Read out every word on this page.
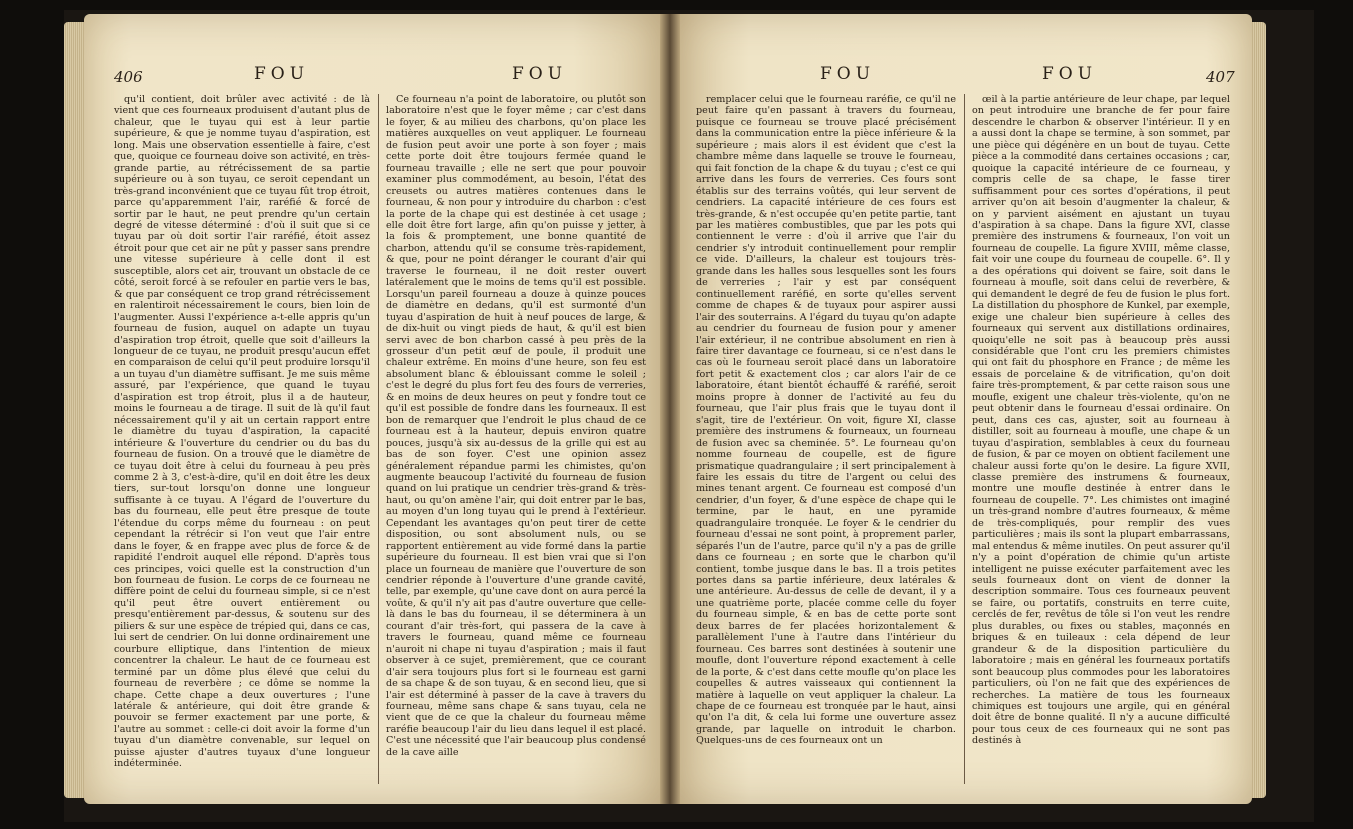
406	FOU	FOU

qu'il contient, doit brûler avec activité : de là vient que ces fourneaux produisent d'autant plus de chaleur, que le tuyau qui est à leur partie supérieure, & que je nomme tuyau d'aspiration, est long. Mais une observation essentielle à faire, c'est que, quoique ce fourneau doive son activité, en très-grande partie, au rétrécissement de sa partie supérieure ou à son tuyau, ce seroit cependant un très-grand inconvénient que ce tuyau fût trop étroit, parce qu'apparemment l'air, raréfié & forcé de sortir par le haut, ne peut prendre qu'un certain degré de vitesse déterminé : d'où il suit que si ce tuyau par où doit sortir l'air raréfié, étoit assez étroit pour que cet air ne pût y passer sans prendre une vitesse supérieure à celle dont il est susceptible, alors cet air, trouvant un obstacle de ce côté, seroit forcé à se refouler en partie vers le bas, & que par conséquent ce trop grand rétrécissement en ralentiroit nécessairement le cours, bien loin de l'augmenter. Aussi l'expérience a-t-elle appris qu'un fourneau de fusion, auquel on adapte un tuyau d'aspiration trop étroit, quelle que soit d'ailleurs la longueur de ce tuyau, ne produit presqu'aucun effet en comparaison de celui qu'il peut produire lorsqu'il a un tuyau d'un diamètre suffisant. Je me suis même assuré, par l'expérience, que quand le tuyau d'aspiration est trop étroit, plus il a de hauteur, moins le fourneau a de tirage. Il suit de là qu'il faut nécessairement qu'il y ait un certain rapport entre le diamètre du tuyau d'aspiration, la capacité intérieure & l'ouverture du cendrier ou du bas du fourneau de fusion. On a trouvé que le diamètre de ce tuyau doit être à celui du fourneau à peu près comme 2 à 3, c'est-à-dire, qu'il en doit être les deux tiers, sur-tout lorsqu'on donne une longueur suffisante à ce tuyau. A l'égard de l'ouverture du bas du fourneau, elle peut être presque de toute l'étendue du corps même du fourneau : on peut cependant la rétrécir si l'on veut que l'air entre dans le foyer, & en frappe avec plus de force & de rapidité l'endroit auquel elle répond. D'après tous ces principes, voici quelle est la construction d'un bon fourneau de fusion. Le corps de ce fourneau ne diffère point de celui du fourneau simple, si ce n'est qu'il peut être ouvert entièrement ou presqu'entièrement par-dessus, & soutenu sur des piliers & sur une espèce de trépied qui, dans ce cas, lui sert de cendrier. On lui donne ordinairement une courbure elliptique, dans l'intention de mieux concentrer la chaleur. Le haut de ce fourneau est terminé par un dôme plus élevé que celui du fourneau de reverbère ; ce dôme se nomme la chape. Cette chape a deux ouvertures ; l'une latérale & antérieure, qui doit être grande & pouvoir se fermer exactement par une porte, & l'autre au sommet : celle-ci doit avoir la forme d'un tuyau d'un diamètre convenable, sur lequel on puisse ajuster d'autres tuyaux d'une longueur indéterminée.

Ce fourneau n'a point de laboratoire, ou plutôt son laboratoire n'est que le foyer même ; car c'est dans le foyer, & au milieu des charbons, qu'on place les matières auxquelles on veut appliquer. Le fourneau de fusion peut avoir une porte à son foyer ; mais cette porte doit être toujours fermée quand le fourneau travaille ; elle ne sert que pour pouvoir examiner plus commodément, au besoin, l'état des creusets ou autres matières contenues dans le fourneau, & non pour y introduire du charbon : c'est la porte de la chape qui est destinée à cet usage ; elle doit être fort large, afin qu'on puisse y jetter, à la fois & promptement, une bonne quantité de charbon, attendu qu'il se consume très-rapidement, & que, pour ne point déranger le courant d'air qui traverse le fourneau, il ne doit rester ouvert latéralement que le moins de tems qu'il est possible. Lorsqu'un pareil fourneau a douze à quinze pouces de diamètre en dedans, qu'il est surmonté d'un tuyau d'aspiration de huit à neuf pouces de large, & de dix-huit ou vingt pieds de haut, & qu'il est bien servi avec de bon charbon cassé à peu près de la grosseur d'un petit œuf de poule, il produit une chaleur extrême. En moins d'une heure, son feu est absolument blanc & éblouissant comme le soleil ; c'est le degré du plus fort feu des fours de verreries, & en moins de deux heures on peut y fondre tout ce qu'il est possible de fondre dans les fourneaux. Il est bon de remarquer que l'endroit le plus chaud de ce fourneau est à la hauteur, depuis environ quatre pouces, jusqu'à six au-dessus de la grille qui est au bas de son foyer. C'est une opinion assez généralement répandue parmi les chimistes, qu'on augmente beaucoup l'activité du fourneau de fusion quand on lui pratique un cendrier très-grand & très-haut, ou qu'on amène l'air, qui doit entrer par le bas, au moyen d'un long tuyau qui le prend à l'extérieur. Cependant les avantages qu'on peut tirer de cette disposition, ou sont absolument nuls, ou se rapportent entièrement au vide formé dans la partie supérieure du fourneau. Il est bien vrai que si l'on place un fourneau de manière que l'ouverture de son cendrier réponde à l'ouverture d'une grande cavité, telle, par exemple, qu'une cave dont on aura percé la voûte, & qu'il n'y ait pas d'autre ouverture que celle-là dans le bas du fourneau, il se déterminera à un courant d'air très-fort, qui passera de la cave à travers le fourneau, quand même ce fourneau n'auroit ni chape ni tuyau d'aspiration ; mais il faut observer à ce sujet, premièrement, que ce courant d'air sera toujours plus fort si le fourneau est garni de sa chape & de son tuyau, & en second lieu, que si l'air est déterminé à passer de la cave à travers du fourneau, même sans chape & sans tuyau, cela ne vient que de ce que la chaleur du fourneau même raréfie beaucoup l'air du lieu dans lequel il est placé. C'est une nécessité que l'air beaucoup plus condensé de la cave aille

FOU	FOU	407

remplacer celui que le fourneau raréfie, ce qu'il ne peut faire qu'en passant à travers du fourneau, puisque ce fourneau se trouve placé précisément dans la communication entre la pièce inférieure & la supérieure ; mais alors il est évident que c'est la chambre même dans laquelle se trouve le fourneau, qui fait fonction de la chape & du tuyau ; c'est ce qui arrive dans les fours de verreries. Ces fours sont établis sur des terrains voûtés, qui leur servent de cendriers. La capacité intérieure de ces fours est très-grande, & n'est occupée qu'en petite partie, tant par les matières combustibles, que par les pots qui contiennent le verre : d'où il arrive que l'air du cendrier s'y introduit continuellement pour remplir ce vide. D'ailleurs, la chaleur est toujours très-grande dans les halles sous lesquelles sont les fours de verreries ; l'air y est par conséquent continuellement raréfié, en sorte qu'elles servent comme de chapes & de tuyaux pour aspirer aussi l'air des souterrains. A l'égard du tuyau qu'on adapte au cendrier du fourneau de fusion pour y amener l'air extérieur, il ne contribue absolument en rien à faire tirer davantage ce fourneau, si ce n'est dans le cas où le fourneau seroit placé dans un laboratoire fort petit & exactement clos ; car alors l'air de ce laboratoire, étant bientôt échauffé & raréfié, seroit moins propre à donner de l'activité au feu du fourneau, que l'air plus frais que le tuyau dont il s'agit, tire de l'extérieur. On voit, figure XI, classe première des instrumens & fourneaux, un fourneau de fusion avec sa cheminée. 5°. Le fourneau qu'on nomme fourneau de coupelle, est de figure prismatique quadrangulaire ; il sert principalement à faire les essais du titre de l'argent ou celui des mines tenant argent. Ce fourneau est composé d'un cendrier, d'un foyer, & d'une espèce de chape qui le termine, par le haut, en une pyramide quadrangulaire tronquée. Le foyer & le cendrier du fourneau d'essai ne sont point, à proprement parler, séparés l'un de l'autre, parce qu'il n'y a pas de grille dans ce fourneau ; en sorte que le charbon qu'il contient, tombe jusque dans le bas. Il a trois petites portes dans sa partie inférieure, deux latérales & une antérieure. Au-dessus de celle de devant, il y a une quatrième porte, placée comme celle du foyer du fourneau simple, & en bas de cette porte sont deux barres de fer placées horizontalement & parallèlement l'une à l'autre dans l'intérieur du fourneau. Ces barres sont destinées à soutenir une moufle, dont l'ouverture répond exactement à celle de la porte, & c'est dans cette moufle qu'on place les coupelles & autres vaisseaux qui contiennent la matière à laquelle on veut appliquer la chaleur. La chape de ce fourneau est tronquée par le haut, ainsi qu'on l'a dit, & cela lui forme une ouverture assez grande, par laquelle on introduit le charbon. Quelques-uns de ces fourneaux ont un

œil à la partie antérieure de leur chape, par lequel on peut introduire une branche de fer pour faire descendre le charbon & observer l'intérieur. Il y en a aussi dont la chape se termine, à son sommet, par une pièce qui dégénère en un bout de tuyau. Cette pièce a la commodité dans certaines occasions ; car, quoique la capacité intérieure de ce fourneau, y compris celle de sa chape, le fasse tirer suffisamment pour ces sortes d'opérations, il peut arriver qu'on ait besoin d'augmenter la chaleur, & on y parvient aisément en ajustant un tuyau d'aspiration à sa chape. Dans la figure XVI, classe première des instrumens & fourneaux, l'on voit un fourneau de coupelle. La figure XVIII, même classe, fait voir une coupe du fourneau de coupelle. 6°. Il y a des opérations qui doivent se faire, soit dans le fourneau à moufle, soit dans celui de reverbère, & qui demandent le degré de feu de fusion le plus fort. La distillation du phosphore de Kunkel, par exemple, exige une chaleur bien supérieure à celles des fourneaux qui servent aux distillations ordinaires, quoiqu'elle ne soit pas à beaucoup près aussi considérable que l'ont cru les premiers chimistes qui ont fait du phosphore en France ; de même les essais de porcelaine & de vitrification, qu'on doit faire très-promptement, & par cette raison sous une moufle, exigent une chaleur très-violente, qu'on ne peut obtenir dans le fourneau d'essai ordinaire. On peut, dans ces cas, ajuster, soit au fourneau à distiller, soit au fourneau à moufle, une chape & un tuyau d'aspiration, semblables à ceux du fourneau de fusion, & par ce moyen on obtient facilement une chaleur aussi forte qu'on le desire. La figure XVII, classe première des instrumens & fourneaux, montre une moufle destinée à entrer dans le fourneau de coupelle. 7°. Les chimistes ont imaginé un très-grand nombre d'autres fourneaux, & même de très-compliqués, pour remplir des vues particulières ; mais ils sont la plupart embarrassans, mal entendus & même inutiles. On peut assurer qu'il n'y a point d'opération de chimie qu'un artiste intelligent ne puisse exécuter parfaitement avec les seuls fourneaux dont on vient de donner la description sommaire. Tous ces fourneaux peuvent se faire, ou portatifs, construits en terre cuite, cerclés de fer, revêtus de tôle si l'on veut les rendre plus durables, ou fixes ou stables, maçonnés en briques & en tuileaux : cela dépend de leur grandeur & de la disposition particulière du laboratoire ; mais en général les fourneaux portatifs sont beaucoup plus commodes pour les laboratoires particuliers, où l'on ne fait que des expériences de recherches. La matière de tous les fourneaux chimiques est toujours une argile, qui en général doit être de bonne qualité. Il n'y a aucune difficulté pour tous ceux de ces fourneaux qui ne sont pas destinés à
